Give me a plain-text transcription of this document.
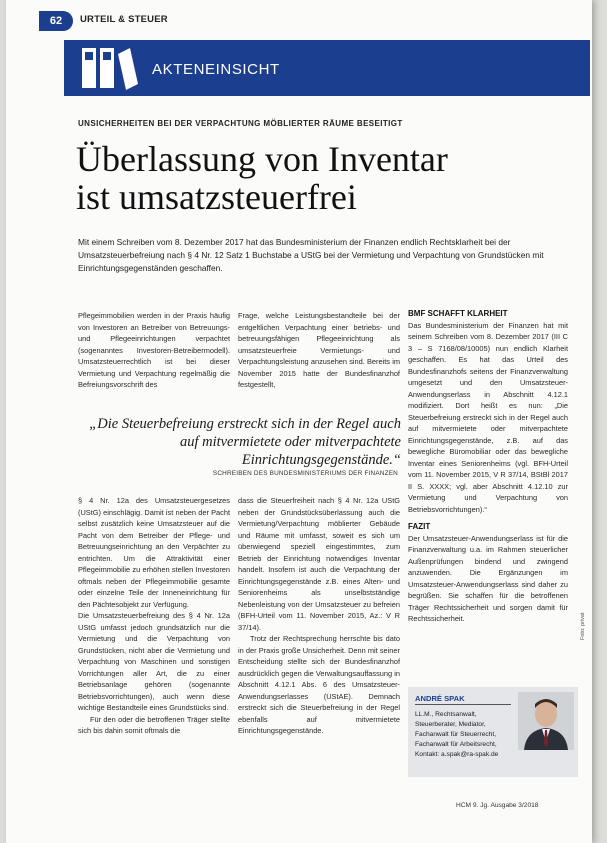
62	URTEIL & STEUER
AKTENEINSICHT
UNSICHERHEITEN BEI DER VERPACHTUNG MÖBLIERTER RÄUME BESEITIGT
Überlassung von Inventar
ist umsatzsteuerfrei
Mit einem Schreiben vom 8. Dezember 2017 hat das Bundesministerium der Finanzen endlich Rechtsklarheit bei der Umsatzsteuerbefreiung nach § 4 Nr. 12 Satz 1 Buchstabe a UStG bei der Vermietung und Verpachtung von Grundstücken mit Einrichtungsgegenständen geschaffen.

Pflegeimmobilien werden in der Praxis häufig von Investoren an Betreiber von Betreuungs- und Pflegeeinrichtungen verpachtet (sogenanntes Investoren-Betreibermodell). Umsatzsteuerrechtlich ist bei dieser Vermietung und Verpachtung regelmäßig die Befreiungsvorschrift des

Frage, welche Leistungsbestandteile bei der entgeltlichen Verpachtung einer betriebs- und betreuungsfähigen Pflegeeinrichtung als umsatzsteuerfreie Vermietungs- und Verpachtungsleistung anzusehen sind. Bereits im November 2015 hatte der Bundesfinanzhof festgestellt,

„Die Steuerbefreiung erstreckt sich in der Regel auch auf mitvermietete oder mitverpachtete Einrichtungsgegenstände.“
SCHREIBEN DES BUNDESMINISTERIUMS DER FINANZEN

§ 4 Nr. 12a des Umsatzsteuergesetzes (UStG) einschlägig. Damit ist neben der Pacht selbst zusätzlich keine Umsatzsteuer auf die Pacht von dem Betreiber der Pflege- und Betreuungseinrichtung an den Verpächter zu entrichten. Um die Attraktivität einer Pflegeimmobilie zu erhöhen stellen Investoren oftmals neben der Pflegeimmobilie gesamte oder einzelne Teile der Inneneinrichtung für den Pächtesobjekt zur Verfügung.

Die Umsatzsteuerbefreiung des § 4 Nr. 12a UStG umfasst jedoch grundsätzlich nur die Vermietung und die Verpachtung von Grundstücken, nicht aber die Vermietung und Verpachtung von Maschinen und sonstigen Vorrichtungen aller Art, die zu einer Betriebsanlage gehören (sogenannte Betriebsvorrichtungen), auch wenn diese wichtige Bestandteile eines Grundstücks sind.

Für den oder die betroffenen Träger stellte sich bis dahin somit oftmals die

dass die Steuerfreiheit nach § 4 Nr. 12a UStG neben der Grundstücksüberlassung auch die Vermietung/Verpachtung möblierter Gebäude und Räume mit umfasst, soweit es sich um überwiegend speziell eingestimmtes, zum Betrieb der Einrichtung notwendiges Inventar handelt. Insofern ist auch die Verpachtung der Einrichtungsgegenstände z.B. eines Alten- und Seniorenheims als unselbstständige Nebenleistung von der Umsatzsteuer zu befreien (BFH-Urteil vom 11. November 2015, Az.: V R 37/14).

Trotz der Rechtsprechung herrschte bis dato in der Praxis große Unsicherheit. Denn mit seiner Entscheidung stellte sich der Bundesfinanzhof ausdrücklich gegen die Verwaltungsauffassung in Abschnitt 4.12.1 Abs. 6 des Umsatzsteuer-Anwendungserlasses (UStAE). Demnach erstreckt sich die Steuerbefreiung in der Regel ebenfalls auf mitvermietete Einrichtungsgegenstände.

BMF SCHAFFT KLARHEIT

Das Bundesministerium der Finanzen hat mit seinem Schreiben vom 8. Dezember 2017 (III C 3 – S 7168/08/10005) nun endlich Klarheit geschaffen. Es hat das Urteil des Bundesfinanzhofs seitens der Finanzverwaltung umgesetzt und den Umsatzsteuer-Anwendungserlass in Abschnitt 4.12.1 modifiziert. Dort heißt es nun: „Die Steuerbefreiung erstreckt sich in der Regel auch auf mitvermietete oder mitverpachtete Einrichtungsgegenstände, z.B. auf das bewegliche Büromobiliar oder das bewegliche Inventar eines Seniorenheims (vgl. BFH-Urteil vom 11. November 2015, V R 37/14, BStBl 2017 II S. XXXX; vgl. aber Abschnitt 4.12.10 zur Vermietung und Verpachtung von Betriebsvorrichtungen).“

FAZIT

Der Umsatzsteuer-Anwendungserlass ist für die Finanzverwaltung u.a. im Rahmen steuerlicher Außenprüfungen bindend und zwingend anzuwenden. Die Ergänzungen im Umsatzsteuer-Anwendungserlass sind daher zu begrüßen. Sie schaffen für die betroffenen Träger Rechtssicherheit und sorgen damit für Rechtssicherheit.

ANDRÉ SPAK
LL.M., Rechtsanwalt, Steuerberater, Mediator, Fachanwalt für Steuerrecht, Fachanwalt für Arbeitsrecht, Kontakt: a.spak@ra-spak.de
HCM 9. Jg. Ausgabe 3/2018
Foto: privat
